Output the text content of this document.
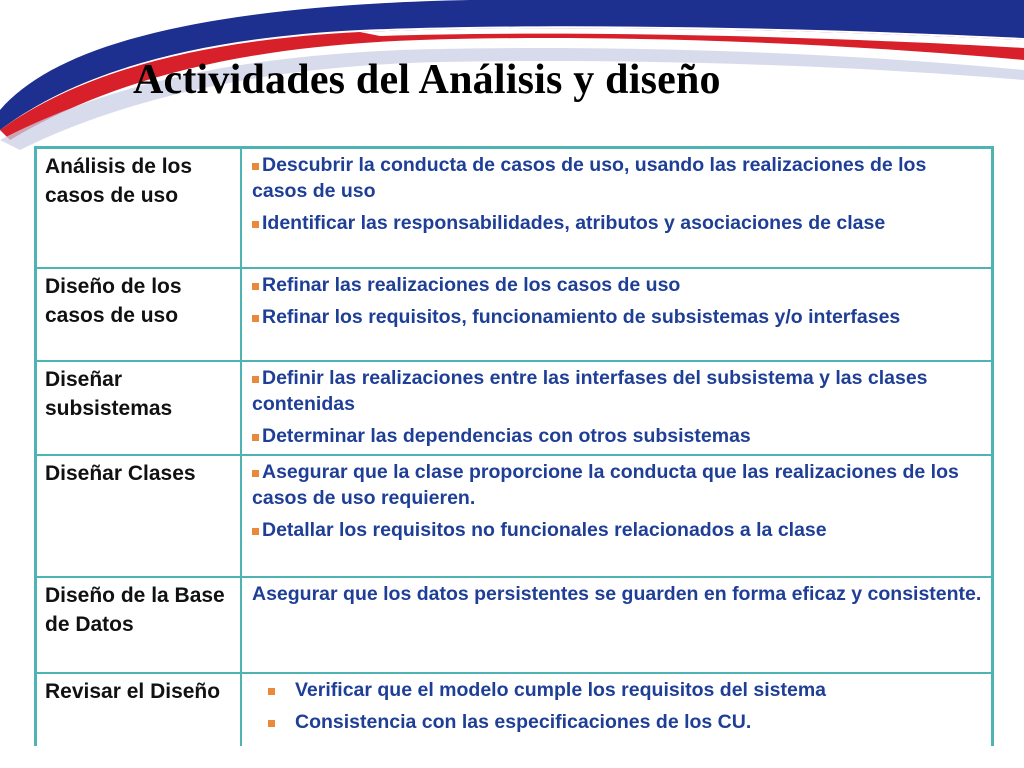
Actividades del Análisis y diseño
Análisis de los
casos de uso
Descubrir la conducta de casos de uso, usando las realizaciones de los casos de uso
Identificar las responsabilidades, atributos y asociaciones de clase
Diseño de los
casos de uso
Refinar las realizaciones de los casos de uso
Refinar los requisitos, funcionamiento de subsistemas y/o interfases
Diseñar subsistemas
Definir las realizaciones entre las interfases del subsistema y las clases contenidas
Determinar las dependencias con otros subsistemas
Diseñar Clases	Asegurar que la clase proporcione la conducta que las realizaciones de los casos de uso requieren.
Detallar los requisitos no funcionales relacionados a la clase
Diseño de la Base de Datos
Asegurar que los datos persistentes se guarden en forma eficaz y consistente.
Revisar el Diseño	Verificar que el modelo cumple los requisitos del sistema
Consistencia con las especificaciones de los CU.
